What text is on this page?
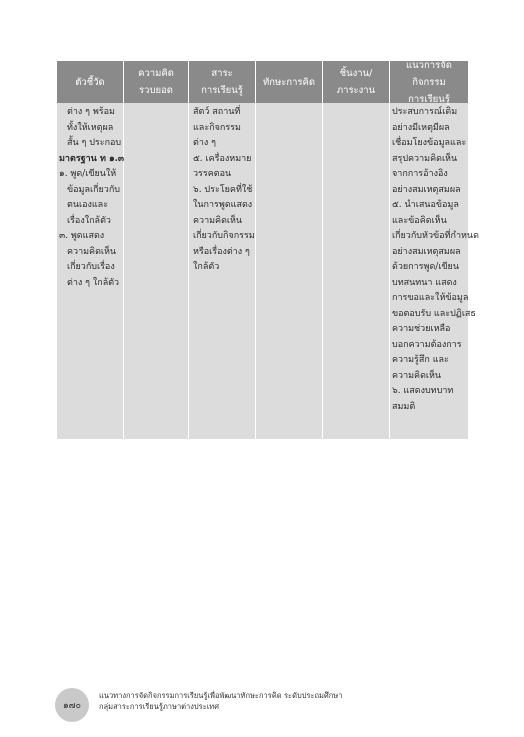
ตัวชี้วัด
ความคิด
รวบยอด
สาระ
การเรียนรู้
ทักษะการคิด
ชิ้นงาน/
ภาระงาน
แนวการจัดกิจกรรม
การเรียนรู้
ต่าง ๆ พร้อม
ทั้งให้เหตุผล
สั้น ๆ ประกอบ
มาตรฐาน ท ๑.๓
๑. พูด/เขียนให้
ข้อมูลเกี่ยวกับ
ตนเองและ
เรื่องใกล้ตัว
๓. พูดแสดง
ความคิดเห็น
เกี่ยวกับเรื่อง
ต่าง ๆ ใกล้ตัว
สัตว์ สถานที่
และกิจกรรม
ต่าง ๆ
๕. เครื่องหมาย
วรรคตอน
๖. ประโยคที่ใช้
ในการพูดแสดง
ความคิดเห็น
เกี่ยวกับกิจกรรม
หรือเรื่องต่าง ๆ
ใกล้ตัว
ประสบการณ์เดิม
อย่างมีเหตุมีผล
เชื่อมโยงข้อมูลและ
สรุปความคิดเห็น
จากการอ้างอิง
อย่างสมเหตุสมผล
๕. นำเสนอข้อมูล
และข้อคิดเห็น
เกี่ยวกับหัวข้อที่กำหนด
อย่างสมเหตุสมผล
ด้วยการพูด/เขียน
บทสนทนา แสดง
การขอและให้ข้อมูล
ขอตอบรับ และปฏิเสธ
ความช่วยเหลือ
บอกความต้องการ
ความรู้สึก และ
ความคิดเห็น
๖. แสดงบทบาท
สมมติ
๑๗๐
แนวทางการจัดกิจกรรมการเรียนรู้เพื่อพัฒนาทักษะการคิด ระดับประถมศึกษา
กลุ่มสาระการเรียนรู้ภาษาต่างประเทศ
